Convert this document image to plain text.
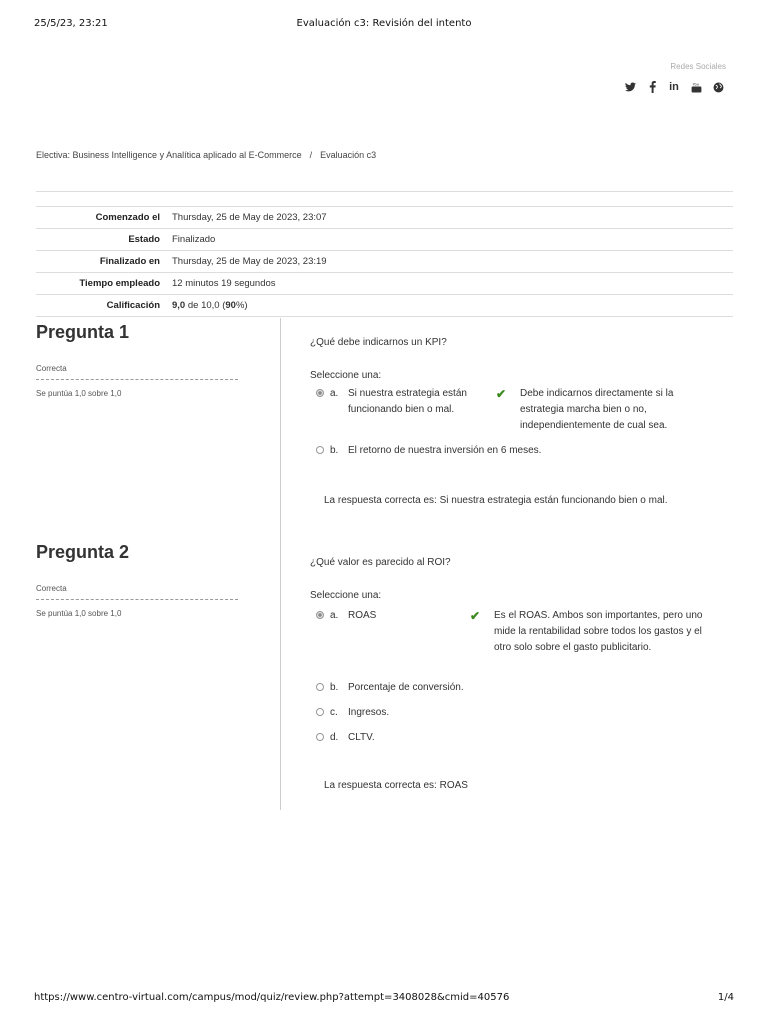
25/5/23, 23:21	Evaluación c3: Revisión del intento
Redes Sociales
in You
Electiva: Business Intelligence y Analítica aplicado al E-Commerce / Evaluación c3
Comenzado el	Thursday, 25 de May de 2023, 23:07
Estado	Finalizado
Finalizado en	Thursday, 25 de May de 2023, 23:19
Tiempo empleado	12 minutos 19 segundos
Calificación	9,0 de 10,0 (90%)
Pregunta 1
Correcta
Se puntúa 1,0 sobre 1,0
¿Qué debe indicarnos un KPI?
Seleccione una:
a. Si nuestra estrategia están funcionando bien o mal.
✔	Debe indicarnos directamente si la estrategia marcha bien o no, independientemente de cual sea.
b. El retorno de nuestra inversión en 6 meses.
La respuesta correcta es: Si nuestra estrategia están funcionando bien o mal.
Pregunta 2
Correcta
Se puntúa 1,0 sobre 1,0
¿Qué valor es parecido al ROI?
Seleccione una:
a. ROAS	✔	Es el ROAS. Ambos son importantes, pero uno mide la rentabilidad sobre todos los gastos y el otro solo sobre el gasto publicitario.
b. Porcentaje de conversión.
c.	Ingresos.
d. CLTV.
La respuesta correcta es: ROAS
https://www.centro-virtual.com/campus/mod/quiz/review.php?attempt=3408028&cmid=40576	1/4
